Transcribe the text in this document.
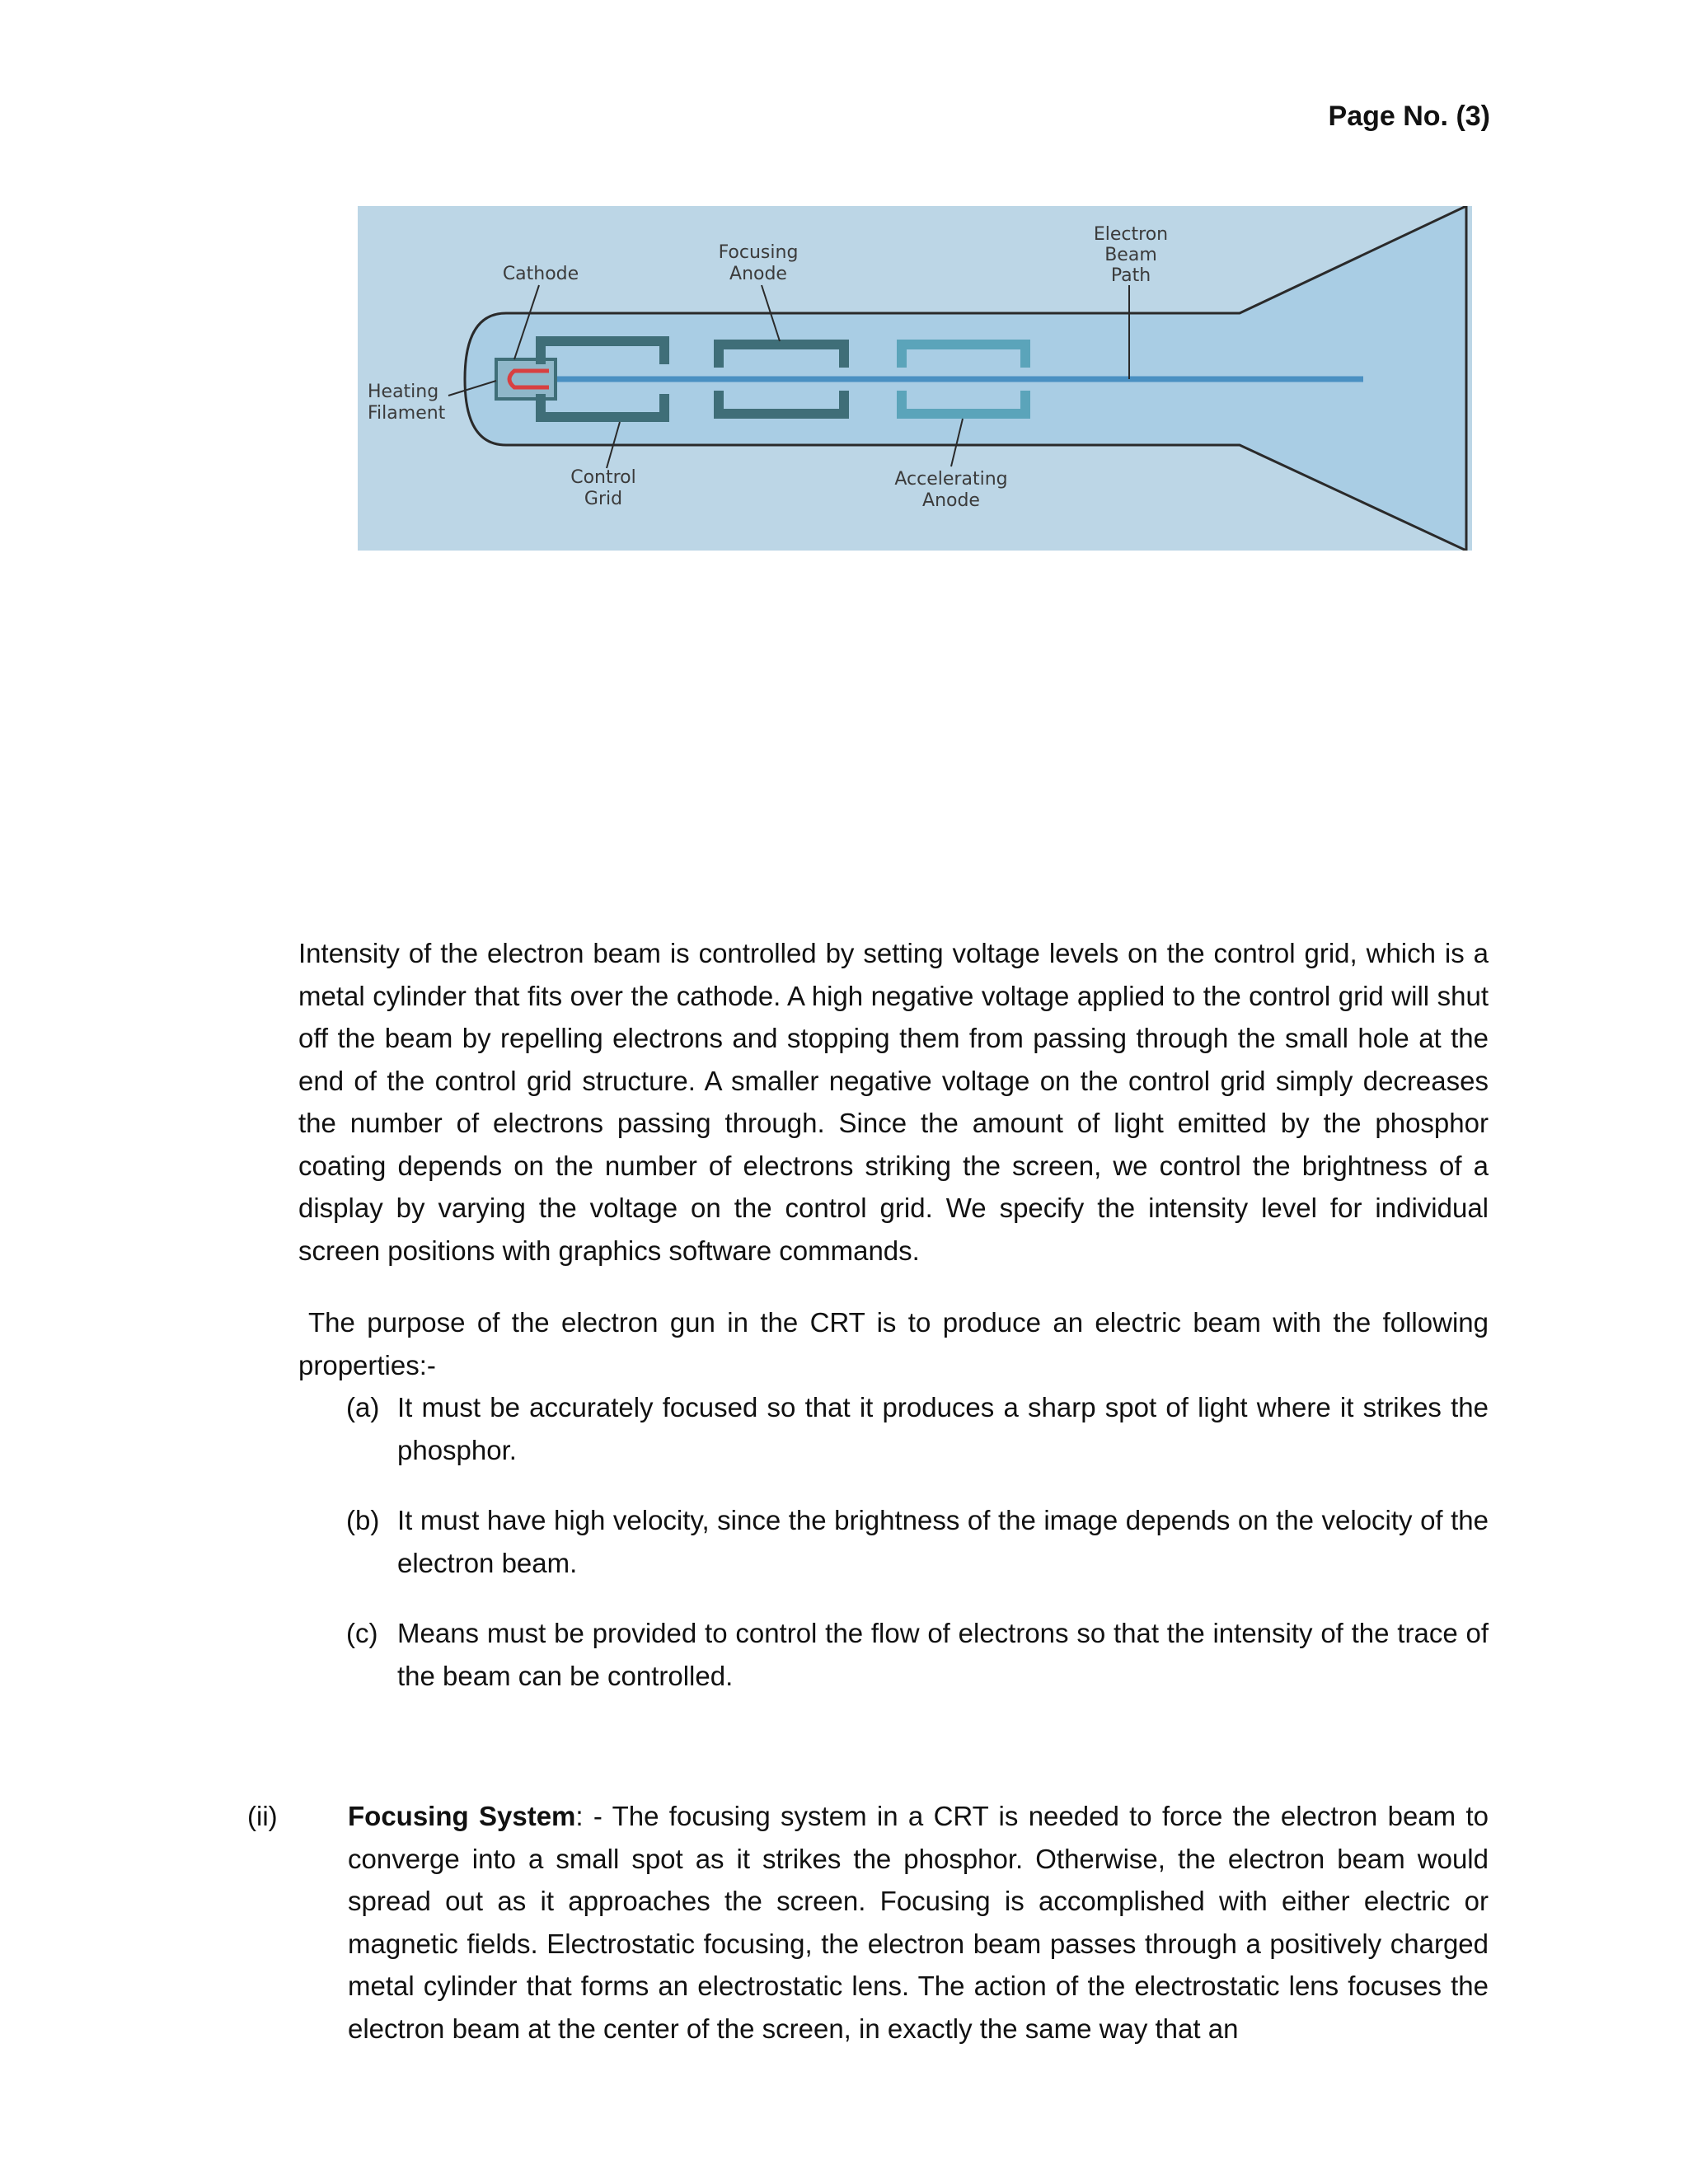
Page No. (3)
Cathode
Focusing
Anode
Electron
Beam
Path
Heating
Filament
Control
Grid
Accelerating
Anode

Intensity of the electron beam is controlled by setting voltage levels on the control grid, which is a metal cylinder that fits over the cathode. A high negative voltage applied to the control grid will shut off the beam by repelling electrons and stopping them from passing through the small hole at the end of the control grid structure. A smaller negative voltage on the control grid simply decreases the number of electrons passing through. Since the amount of light emitted by the phosphor coating depends on the number of electrons striking the screen, we control the brightness of a display by varying the voltage on the control grid. We specify the intensity level for individual screen positions with graphics software commands.

The purpose of the electron gun in the CRT is to produce an electric beam with the following properties:-

(a) It must be accurately focused so that it produces a sharp spot of light where it strikes the phosphor.
(b) It must have high velocity, since the brightness of the image depends on the velocity of the electron beam.
(c) Means must be provided to control the flow of electrons so that the intensity of the trace of the beam can be controlled.
(ii)	Focusing System: - The focusing system in a CRT is needed to force the electron beam to converge into a small spot as it strikes the phosphor. Otherwise, the electron beam would spread out as it approaches the screen. Focusing is accomplished with either electric or magnetic fields. Electrostatic focusing, the electron beam passes through a positively charged metal cylinder that forms an electrostatic lens. The action of the electrostatic lens focuses the electron beam at the center of the screen, in exactly the same way that an
